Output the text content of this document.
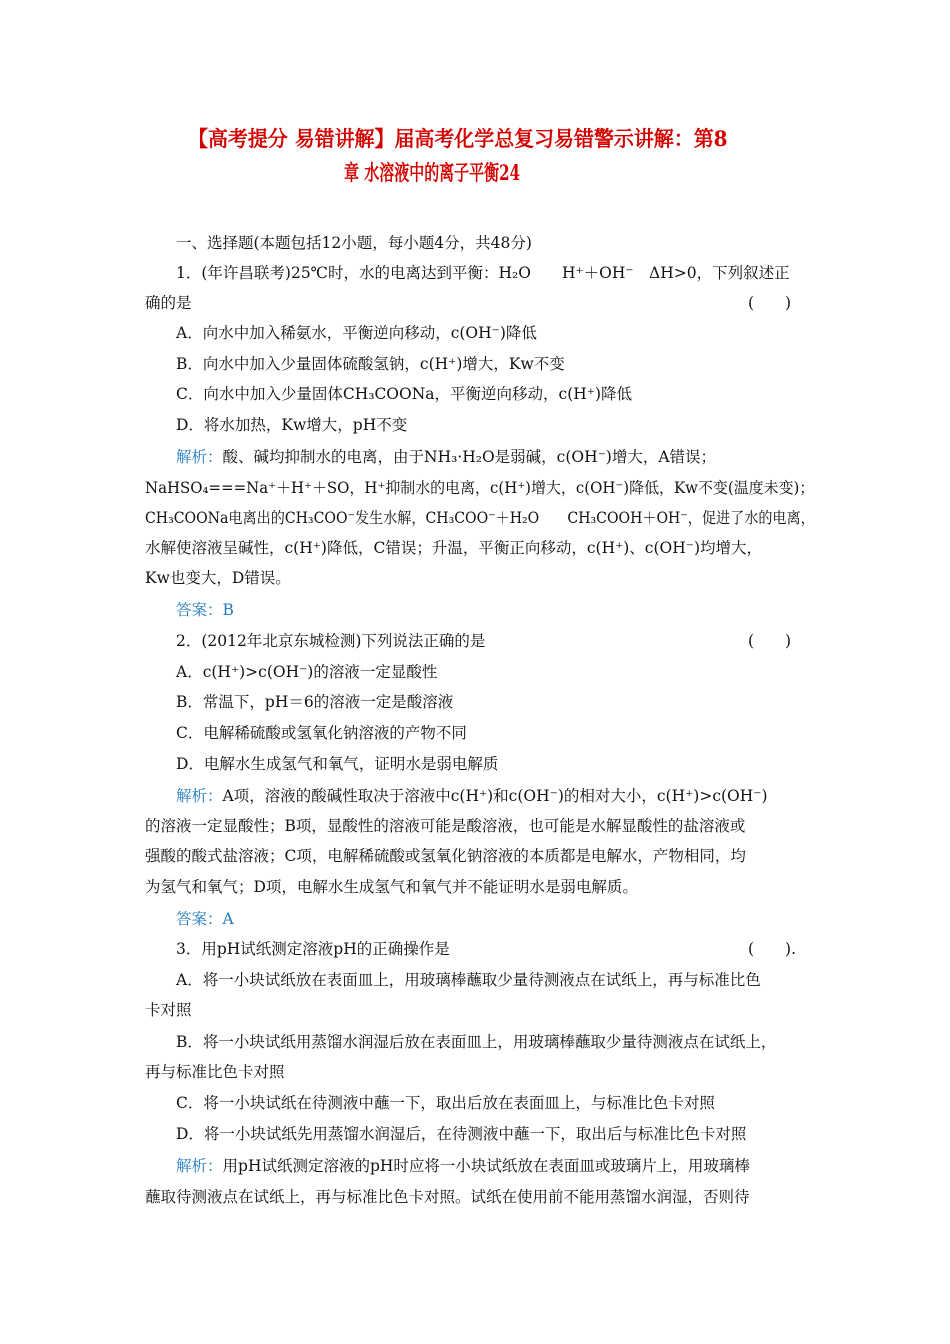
【高考提分 易错讲解】届高考化学总复习易错警示讲解：第8
章 水溶液中的离子平衡24
一、选择题(本题包括12小题，每小题4分，共48分)
1．(年许昌联考)25℃时，水的电离达到平衡：H₂O　　H⁺＋OH⁻　ΔH>0，下列叙述正
确的是	(　　)
A．向水中加入稀氨水，平衡逆向移动，c(OH⁻)降低
B．向水中加入少量固体硫酸氢钠，c(H⁺)增大，Kw不变
C．向水中加入少量固体CH₃COONa，平衡逆向移动，c(H⁺)降低
D．将水加热，Kw增大，pH不变
解析：酸、碱均抑制水的电离，由于NH₃·H₂O是弱碱，c(OH⁻)增大，A错误；
NaHSO₄===Na⁺＋H⁺＋SO，H⁺抑制水的电离，c(H⁺)增大，c(OH⁻)降低，Kw不变(温度未变)；
CH₃COONa电离出的CH₃COO⁻发生水解，CH₃COO⁻＋H₂O　　CH₃COOH＋OH⁻，促进了水的电离，
水解使溶液呈碱性，c(H⁺)降低，C错误；升温，平衡正向移动，c(H⁺)、c(OH⁻)均增大，
Kw也变大，D错误。
答案：B
2．(2012年北京东城检测)下列说法正确的是	(　　)
A．c(H⁺)>c(OH⁻)的溶液一定显酸性
B．常温下，pH＝6的溶液一定是酸溶液
C．电解稀硫酸或氢氧化钠溶液的产物不同
D．电解水生成氢气和氧气，证明水是弱电解质
解析：A项，溶液的酸碱性取决于溶液中c(H⁺)和c(OH⁻)的相对大小，c(H⁺)>c(OH⁻)
的溶液一定显酸性；B项，显酸性的溶液可能是酸溶液，也可能是水解显酸性的盐溶液或
强酸的酸式盐溶液；C项，电解稀硫酸或氢氧化钠溶液的本质都是电解水，产物相同，均
为氢气和氧气；D项，电解水生成氢气和氧气并不能证明水是弱电解质。
答案：A
3．用pH试纸测定溶液pH的正确操作是	(　　).
A．将一小块试纸放在表面皿上，用玻璃棒蘸取少量待测液点在试纸上，再与标准比色
卡对照
B．将一小块试纸用蒸馏水润湿后放在表面皿上，用玻璃棒蘸取少量待测液点在试纸上，
再与标准比色卡对照
C．将一小块试纸在待测液中蘸一下，取出后放在表面皿上，与标准比色卡对照
D．将一小块试纸先用蒸馏水润湿后，在待测液中蘸一下，取出后与标准比色卡对照
解析：用pH试纸测定溶液的pH时应将一小块试纸放在表面皿或玻璃片上，用玻璃棒
蘸取待测液点在试纸上，再与标准比色卡对照。试纸在使用前不能用蒸馏水润湿，否则待
